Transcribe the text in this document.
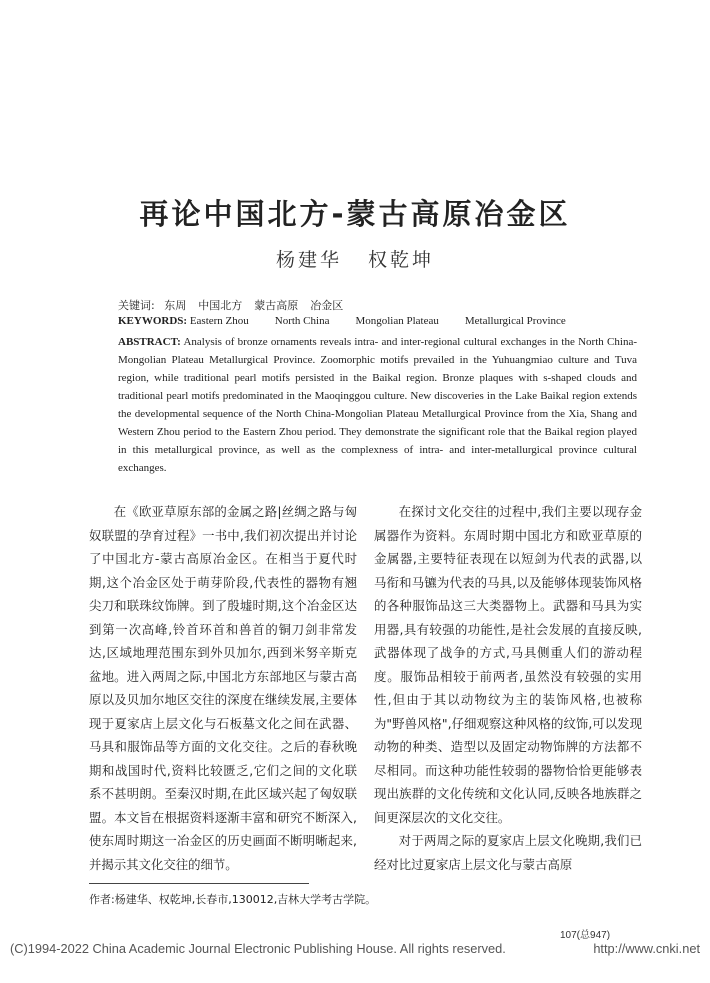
再论中国北方-蒙古高原冶金区
杨建华 权乾坤
关键词: 东周 中国北方 蒙古高原 冶金区
KEYWORDS: Eastern Zhou North China Mongolian Plateau Metallurgical Province
ABSTRACT: Analysis of bronze ornaments reveals intra- and inter-regional cultural exchanges in the North China-Mongolian Plateau Metallurgical Province. Zoomorphic motifs prevailed in the Yuhuangmiao culture and Tuva region, while traditional pearl motifs persisted in the Baikal region. Bronze plaques with s-shaped clouds and traditional pearl motifs predominated in the Maoqinggou culture. New discoveries in the Lake Baikal region extends the developmental sequence of the North China-Mongolian Plateau Metallurgical Province from the Xia, Shang and Western Zhou period to the Eastern Zhou period. They demonstrate the significant role that the Baikal region played in this metallurgical province, as well as the complexness of intra- and inter-metallurgical province cultural exchanges.

在《欧亚草原东部的金属之路|丝绸之路与匈奴联盟的孕育过程》一书中,我们初次提出并讨论了中国北方-蒙古高原冶金区。在相当于夏代时期,这个冶金区处于萌芽阶段,代表性的器物有翘尖刀和联珠纹饰牌。到了殷墟时期,这个冶金区达到第一次高峰,铃首环首和兽首的铜刀剑非常发达,区域地理范围东到外贝加尔,西到米努辛斯克盆地。进入两周之际,中国北方东部地区与蒙古高原以及贝加尔地区交往的深度在继续发展,主要体现于夏家店上层文化与石板墓文化之间在武器、马具和服饰品等方面的文化交往。之后的春秋晚期和战国时代,资料比较匮乏,它们之间的文化联系不甚明朗。至秦汉时期,在此区域兴起了匈奴联盟。本文旨在根据资料逐渐丰富和研究不断深入,使东周时期这一冶金区的历史画面不断明晰起来,并揭示其文化交往的细节。

在探讨文化交往的过程中,我们主要以现存金属器作为资料。东周时期中国北方和欧亚草原的金属器,主要特征表现在以短剑为代表的武器,以马衔和马镳为代表的马具,以及能够体现装饰风格的各种服饰品这三大类器物上。武器和马具为实用器,具有较强的功能性,是社会发展的直接反映,武器体现了战争的方式,马具侧重人们的游动程度。服饰品相较于前两者,虽然没有较强的实用性,但由于其以动物纹为主的装饰风格,也被称为"野兽风格",仔细观察这种风格的纹饰,可以发现动物的种类、造型以及固定动物饰牌的方法都不尽相同。而这种功能性较弱的器物恰恰更能够表现出族群的文化传统和文化认同,反映各地族群之间更深层次的文化交往。

对于两周之际的夏家店上层文化晚期,我们已经对比过夏家店上层文化与蒙古高原

作者:杨建华、权乾坤,长春市,130012,吉林大学考古学院。
107(总947)
(C)1994-2022 China Academic Journal Electronic Publishing House. All rights reserved.	http://www.cnki.net
